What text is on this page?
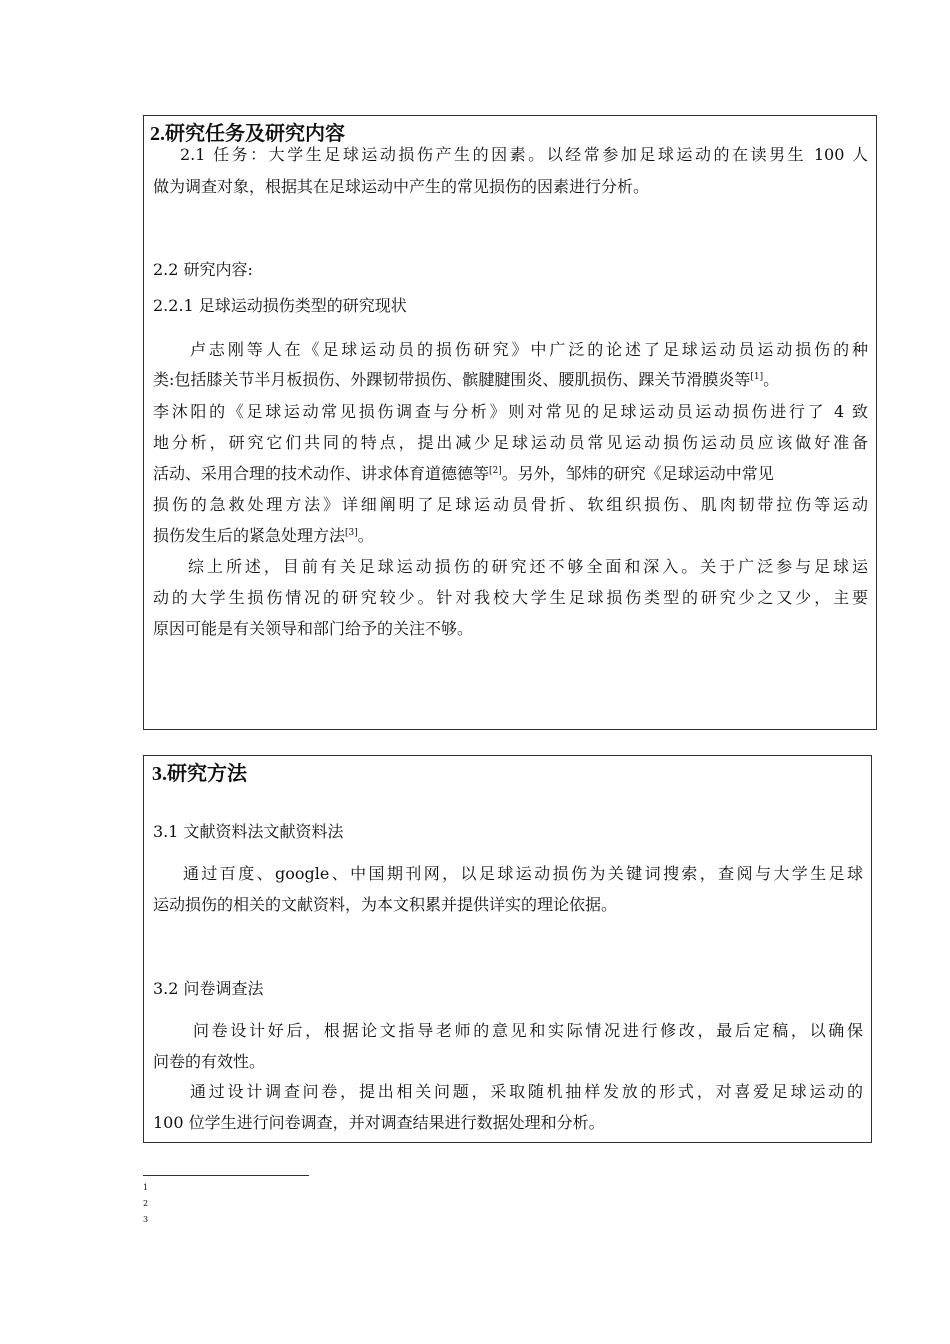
2.研究任务及研究内容
2.1 任务：大学生足球运动损伤产生的因素。以经常参加足球运动的在读男生 100 人
做为调查对象，根据其在足球运动中产生的常见损伤的因素进行分析。
2.2 研究内容:
2.2.1 足球运动损伤类型的研究现状
卢志刚等人在《足球运动员的损伤研究》中广泛的论述了足球运动员运动损伤的种
类:包括膝关节半月板损伤、外踝韧带损伤、髌腱腱围炎、腰肌损伤、踝关节滑膜炎等[1]。
李沐阳的《足球运动常见损伤调查与分析》则对常见的足球运动员运动损伤进行了 4 致
地分析，研究它们共同的特点，提出减少足球运动员常见运动损伤运动员应该做好准备
活动、采用合理的技术动作、讲求体育道德德等[2]。另外，邹炜的研究《足球运动中常见
损伤的急救处理方法》详细阐明了足球运动员骨折、软组织损伤、肌肉韧带拉伤等运动
损伤发生后的紧急处理方法[3]。
综上所述，目前有关足球运动损伤的研究还不够全面和深入。关于广泛参与足球运
动的大学生损伤情况的研究较少。针对我校大学生足球损伤类型的研究少之又少，主要
原因可能是有关领导和部门给予的关注不够。
3.研究方法
3.1 文献资料法文献资料法
通过百度、google、中国期刊网，以足球运动损伤为关键词搜索，查阅与大学生足球
运动损伤的相关的文献资料，为本文积累并提供详实的理论依据。
3.2 问卷调查法
问卷设计好后，根据论文指导老师的意见和实际情况进行修改，最后定稿，以确保
问卷的有效性。
通过设计调查问卷，提出相关问题，采取随机抽样发放的形式，对喜爱足球运动的
100 位学生进行问卷调查，并对调查结果进行数据处理和分析。
1
2
3
